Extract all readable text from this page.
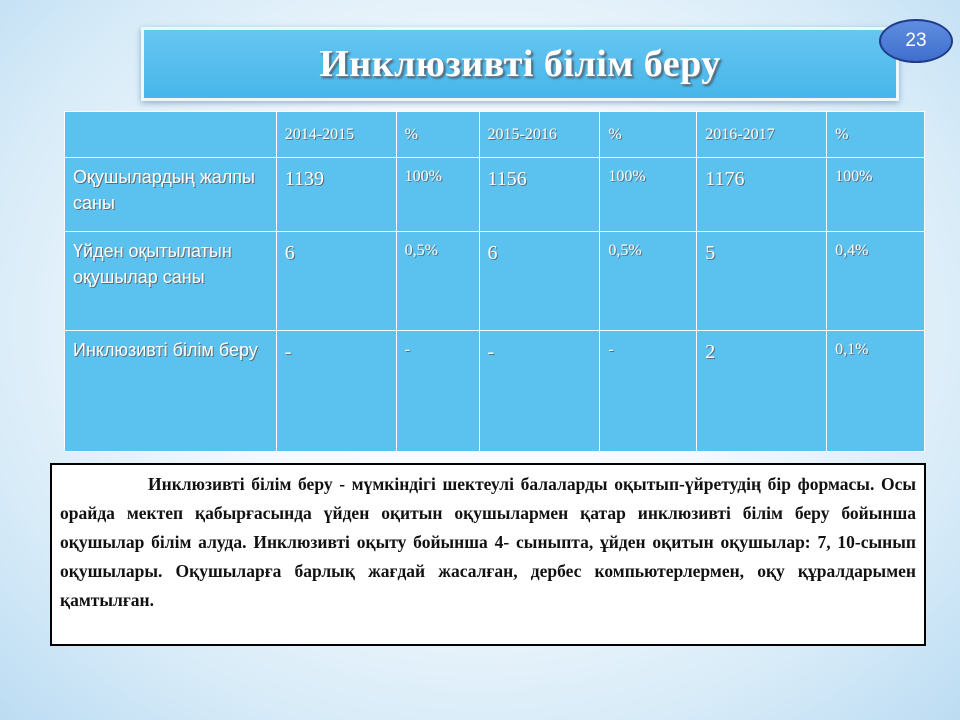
Инклюзивті білім беру
23
	2014-2015	%	2015-2016	%	2016-2017	%
Оқушылардың жалпы саны	1139	100%	1156	100%	1176	100%
Үйден оқытылатын оқушылар саны	6	0,5%	6	0,5%	5	0,4%
Инклюзивті білім беру	-	-	-	-	2	0,1%

Инклюзивті білім беру - мүмкіндігі шектеулі балаларды оқытып-үйретудің бір формасы. Осы орайда мектеп қабырғасында үйден оқитын оқушылармен қатар инклюзивті білім беру бойынша оқушылар білім алуда. Инклюзивті оқыту бойынша 4- сыныпта, ұйден оқитын оқушылар: 7, 10-сынып оқушылары. Оқушыларға барлық жағдай жасалған, дербес компьютерлермен, оқу құралдарымен қамтылған.
